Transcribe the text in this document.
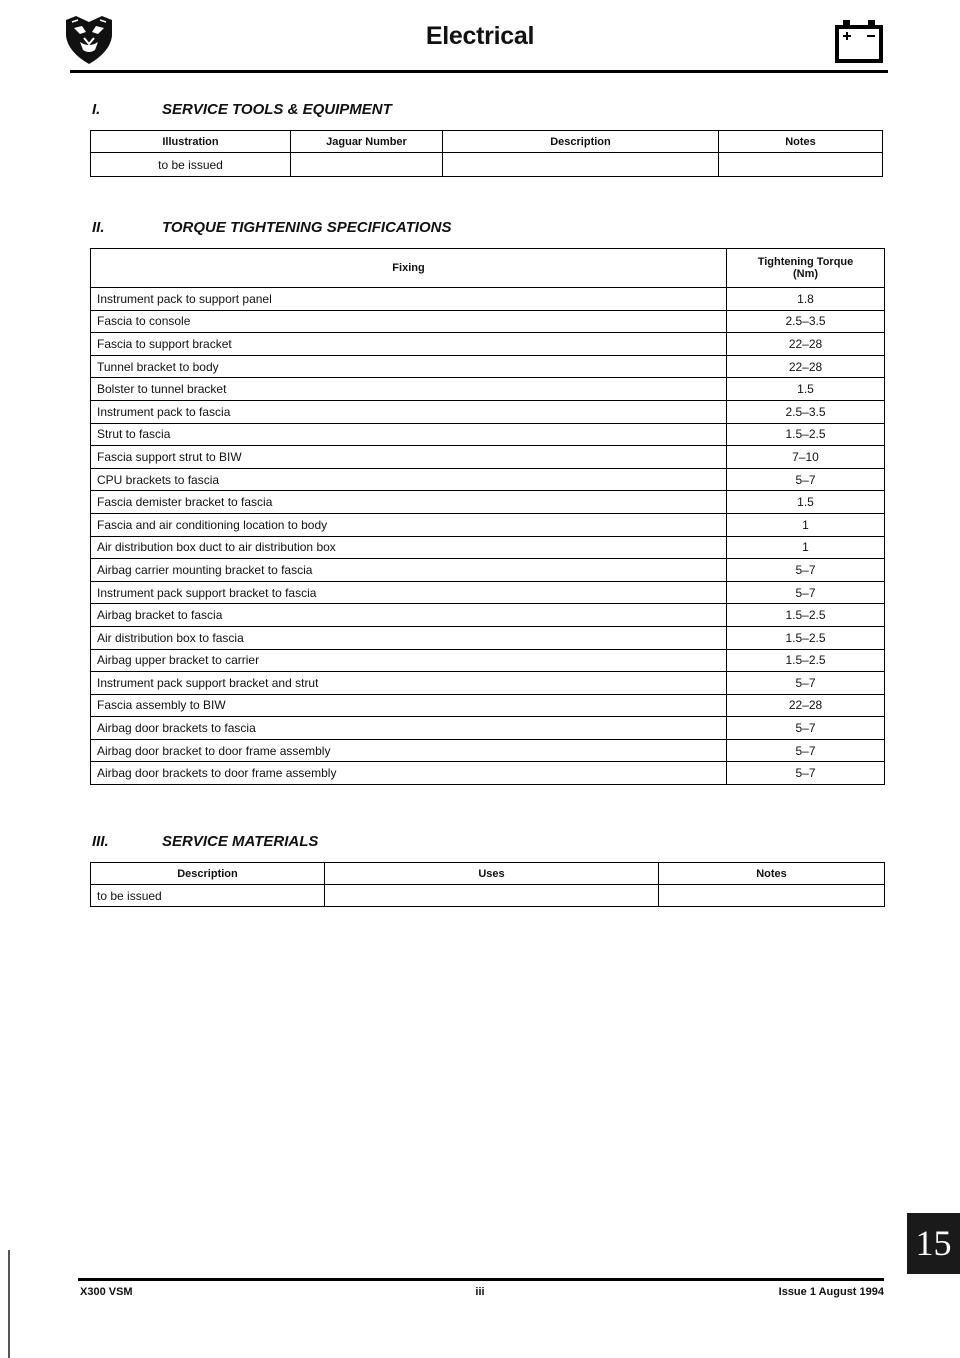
Electrical
I.	SERVICE TOOLS & EQUIPMENT
Illustration	Jaguar Number	Description	Notes
to be issued			
II.	TORQUE TIGHTENING SPECIFICATIONS
Fixing	Tightening Torque
(Nm)

Instrument pack to support panel	1.8
Fascia to console	2.5–3.5
Fascia to support bracket	22–28
Tunnel bracket to body	22–28
Bolster to tunnel bracket	1.5
Instrument pack to fascia	2.5–3.5
Strut to fascia	1.5–2.5
Fascia support strut to BIW	7–10
CPU brackets to fascia	5–7
Fascia demister bracket to fascia	1.5
Fascia and air conditioning location to body	1
Air distribution box duct to air distribution box	1
Airbag carrier mounting bracket to fascia	5–7
Instrument pack support bracket to fascia	5–7
Airbag bracket to fascia	1.5–2.5
Air distribution box to fascia	1.5–2.5
Airbag upper bracket to carrier	1.5–2.5
Instrument pack support bracket and strut	5–7
Fascia assembly to BIW	22–28
Airbag door brackets to fascia	5–7
Airbag door bracket to door frame assembly	5–7
Airbag door brackets to door frame assembly	5–7
III.	SERVICE MATERIALS
Description	Uses	Notes
to be issued		
15
X300 VSM	iii	Issue 1 August 1994
